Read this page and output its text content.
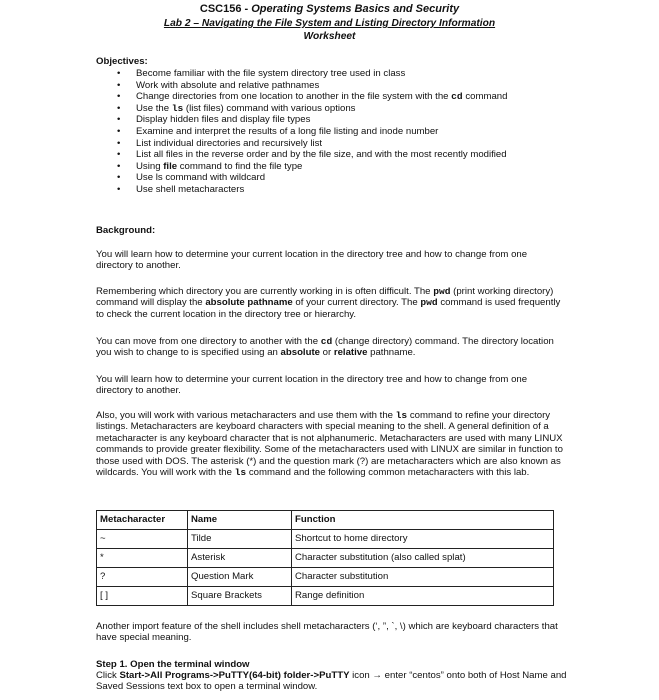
CSC156 - Operating Systems Basics and Security
Lab 2 – Navigating the File System and Listing Directory Information
Worksheet
Objectives:
• Become familiar with the file system directory tree used in class
• Work with absolute and relative pathnames
• Change directories from one location to another in the file system with the cd command
• Use the ls (list files) command with various options
• Display hidden files and display file types
• Examine and interpret the results of a long file listing and inode number
• List individual directories and recursively list
• List all files in the reverse order and by the file size, and with the most recently modified
• Using file command to find the file type
• Use ls command with wildcard
• Use shell metacharacters
Background:

You will learn how to determine your current location in the directory tree and how to change from one directory to another.

Remembering which directory you are currently working in is often difficult. The pwd (print working directory) command will display the absolute pathname of your current directory. The pwd command is used frequently to check the current location in the directory tree or hierarchy.

You can move from one directory to another with the cd (change directory) command. The directory location you wish to change to is specified using an absolute or relative pathname.

You will learn how to determine your current location in the directory tree and how to change from one directory to another.

Also, you will work with various metacharacters and use them with the ls command to refine your directory listings. Metacharacters are keyboard characters with special meaning to the shell. A general definition of a metacharacter is any keyboard character that is not alphanumeric. Metacharacters are used with many LINUX commands to provide greater flexibility. Some of the metacharacters used with LINUX are similar in function to those used with DOS. The asterisk (*) and the question mark (?) are metacharacters which are also known as wildcards. You will work with the ls command and the following common metacharacters with this lab.

Metacharacter	Name	Function
~	Tilde	Shortcut to home directory
*	Asterisk	Character substitution (also called splat)
?	Question Mark	Character substitution
[ ]	Square Brackets	Range definition

Another import feature of the shell includes shell metacharacters (‘, ”, `, \) which are keyboard characters that have special meaning.

Step 1. Open the terminal window

Click Start->All Programs->PuTTY(64-bit) folder->PuTTY icon → enter “centos” onto both of Host Name and Saved Sessions text box to open a terminal window.
